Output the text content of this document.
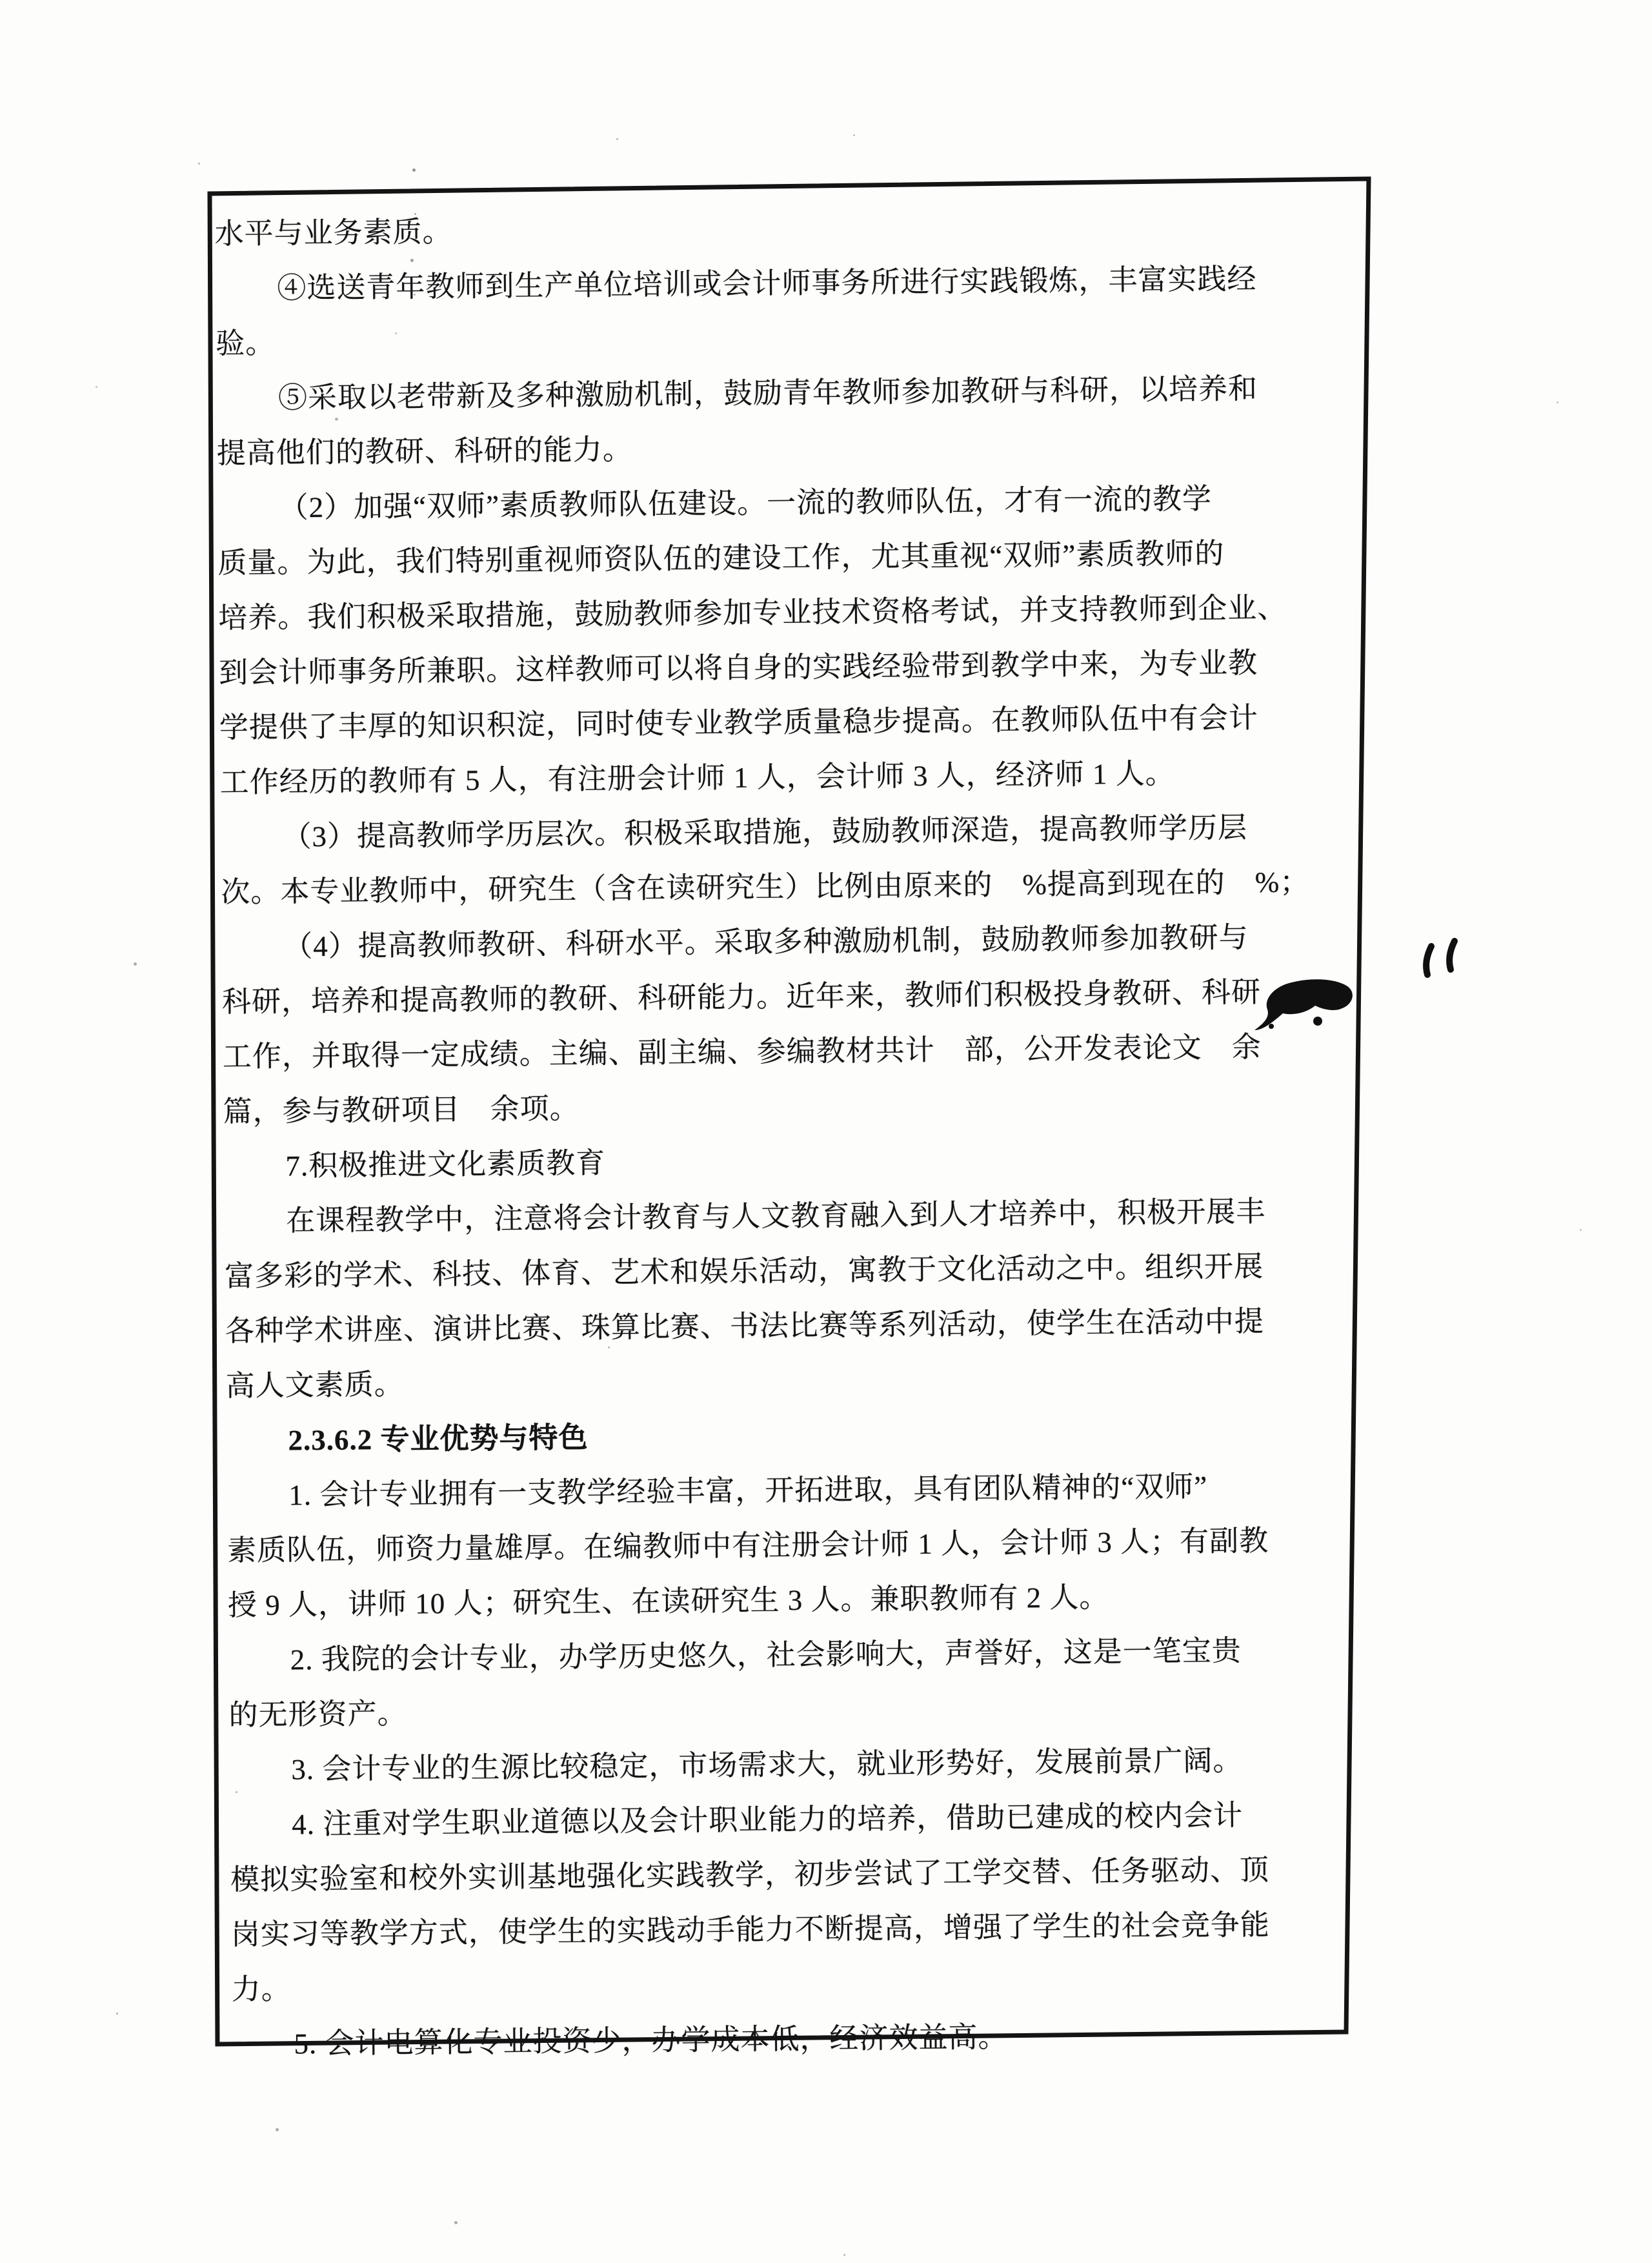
水平与业务素质。
④选送青年教师到生产单位培训或会计师事务所进行实践锻炼，丰富实践经
验。
⑤采取以老带新及多种激励机制，鼓励青年教师参加教研与科研，以培养和
提高他们的教研、科研的能力。
（2）加强“双师”素质教师队伍建设。一流的教师队伍，才有一流的教学
质量。为此，我们特别重视师资队伍的建设工作，尤其重视“双师”素质教师的
培养。我们积极采取措施，鼓励教师参加专业技术资格考试，并支持教师到企业、
到会计师事务所兼职。这样教师可以将自身的实践经验带到教学中来，为专业教
学提供了丰厚的知识积淀，同时使专业教学质量稳步提高。在教师队伍中有会计
工作经历的教师有 5 人，有注册会计师 1 人，会计师 3 人，经济师 1 人。
（3）提高教师学历层次。积极采取措施，鼓励教师深造，提高教师学历层
次。本专业教师中，研究生（含在读研究生）比例由原来的　%提高到现在的　%；
（4）提高教师教研、科研水平。采取多种激励机制，鼓励教师参加教研与
科研，培养和提高教师的教研、科研能力。近年来，教师们积极投身教研、科研
工作，并取得一定成绩。主编、副主编、参编教材共计　部，公开发表论文　余
篇，参与教研项目　余项。
7.积极推进文化素质教育
在课程教学中，注意将会计教育与人文教育融入到人才培养中，积极开展丰
富多彩的学术、科技、体育、艺术和娱乐活动，寓教于文化活动之中。组织开展
各种学术讲座、演讲比赛、珠算比赛、书法比赛等系列活动，使学生在活动中提
高人文素质。
2.3.6.2 专业优势与特色
1. 会计专业拥有一支教学经验丰富，开拓进取，具有团队精神的“双师”
素质队伍，师资力量雄厚。在编教师中有注册会计师 1 人，会计师 3 人；有副教
授 9 人，讲师 10 人；研究生、在读研究生 3 人。兼职教师有 2 人。
2. 我院的会计专业，办学历史悠久，社会影响大，声誉好，这是一笔宝贵
的无形资产。
3. 会计专业的生源比较稳定，市场需求大，就业形势好，发展前景广阔。
4. 注重对学生职业道德以及会计职业能力的培养，借助已建成的校内会计
模拟实验室和校外实训基地强化实践教学，初步尝试了工学交替、任务驱动、顶
岗实习等教学方式，使学生的实践动手能力不断提高，增强了学生的社会竞争能
力。
5. 会计电算化专业投资少，办学成本低，经济效益高。
